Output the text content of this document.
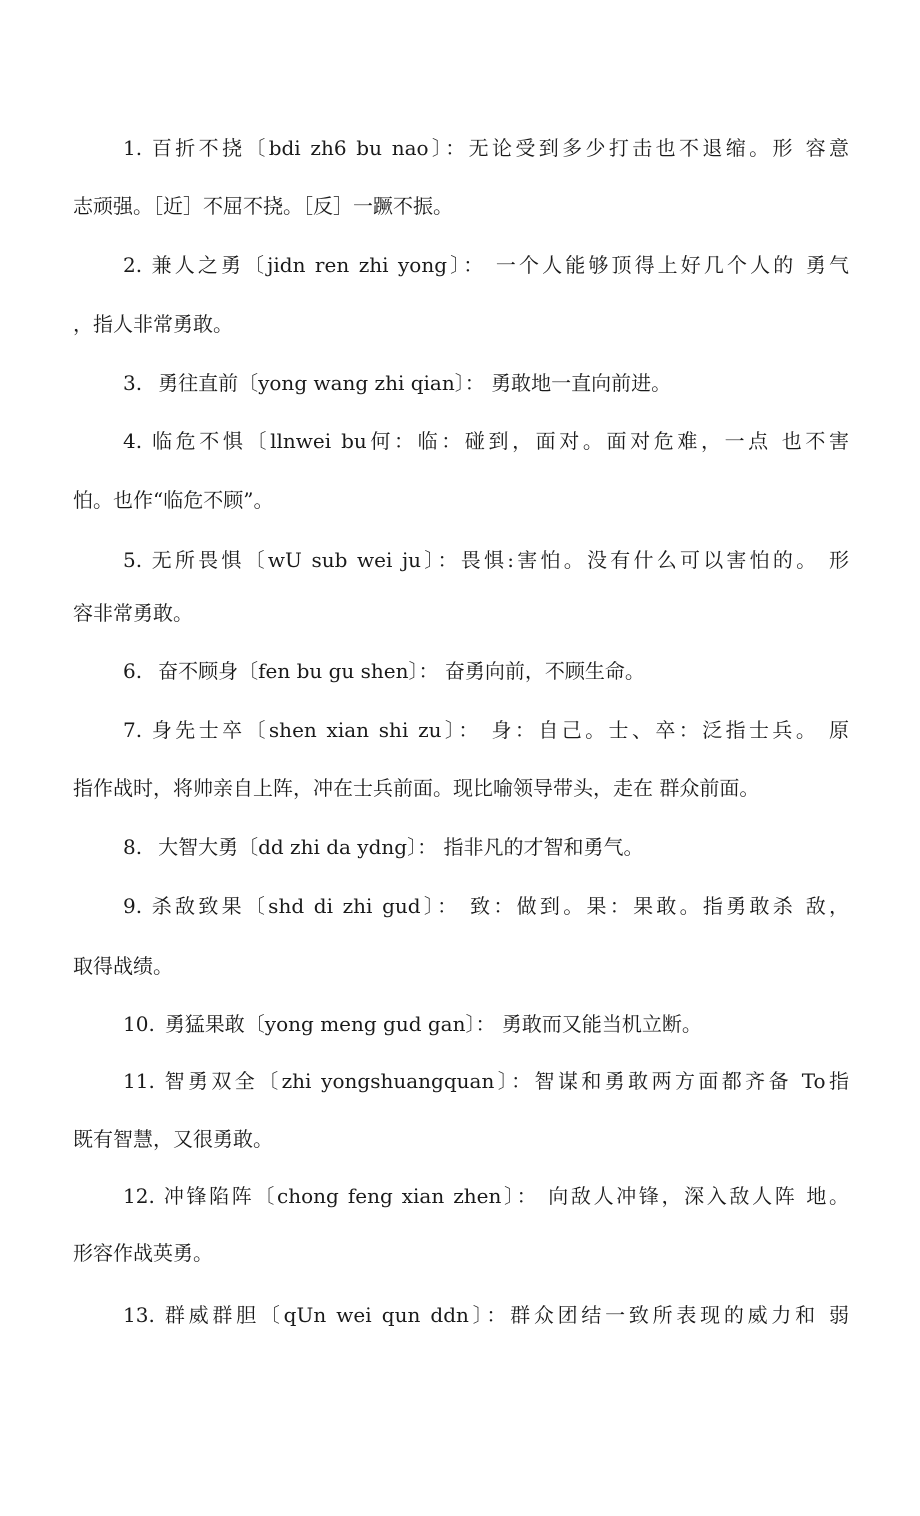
1. 百折不挠〔bdi zh6 bu nao〕：无论受到多少打击也不退缩。形 容意
志顽强。［近］不屈不挠。［反］一蹶不振。
2. 兼人之勇〔jidn ren zhi yong〕： 一个人能够顶得上好几个人的 勇气
，指人非常勇敢。
3. 勇往直前〔yong wang zhi qian〕： 勇敢地一直向前进。
4. 临危不惧〔llnwei bu何：临：碰到，面对。面对危难，一点 也不害
怕。也作“临危不顾”。
5. 无所畏惧〔wU sub wei ju〕：畏惧:害怕。没有什么可以害怕的。 形
容非常勇敢。
6. 奋不顾身〔fen bu gu shen〕： 奋勇向前，不顾生命。
7. 身先士卒〔shen xian shi zu〕： 身：自己。士、卒：泛指士兵。 原
指作战时，将帅亲自上阵，冲在士兵前面。现比喻领导带头，走在 群众前面。
8. 大智大勇〔dd zhi da ydng〕： 指非凡的才智和勇气。
9. 杀敌致果〔shd di zhi gud〕： 致：做到。果：果敢。指勇敢杀 敌，
取得战绩。
10. 勇猛果敢〔yong meng gud gan〕： 勇敢而又能当机立断。
11. 智勇双全〔zhi yongshuangquan〕：智谋和勇敢两方面都齐备 To指
既有智慧，又很勇敢。
12. 冲锋陷阵〔chong feng xian zhen〕： 向敌人冲锋，深入敌人阵 地。
形容作战英勇。
13. 群威群胆〔qUn wei qun ddn〕：群众团结一致所表现的威力和 弱
